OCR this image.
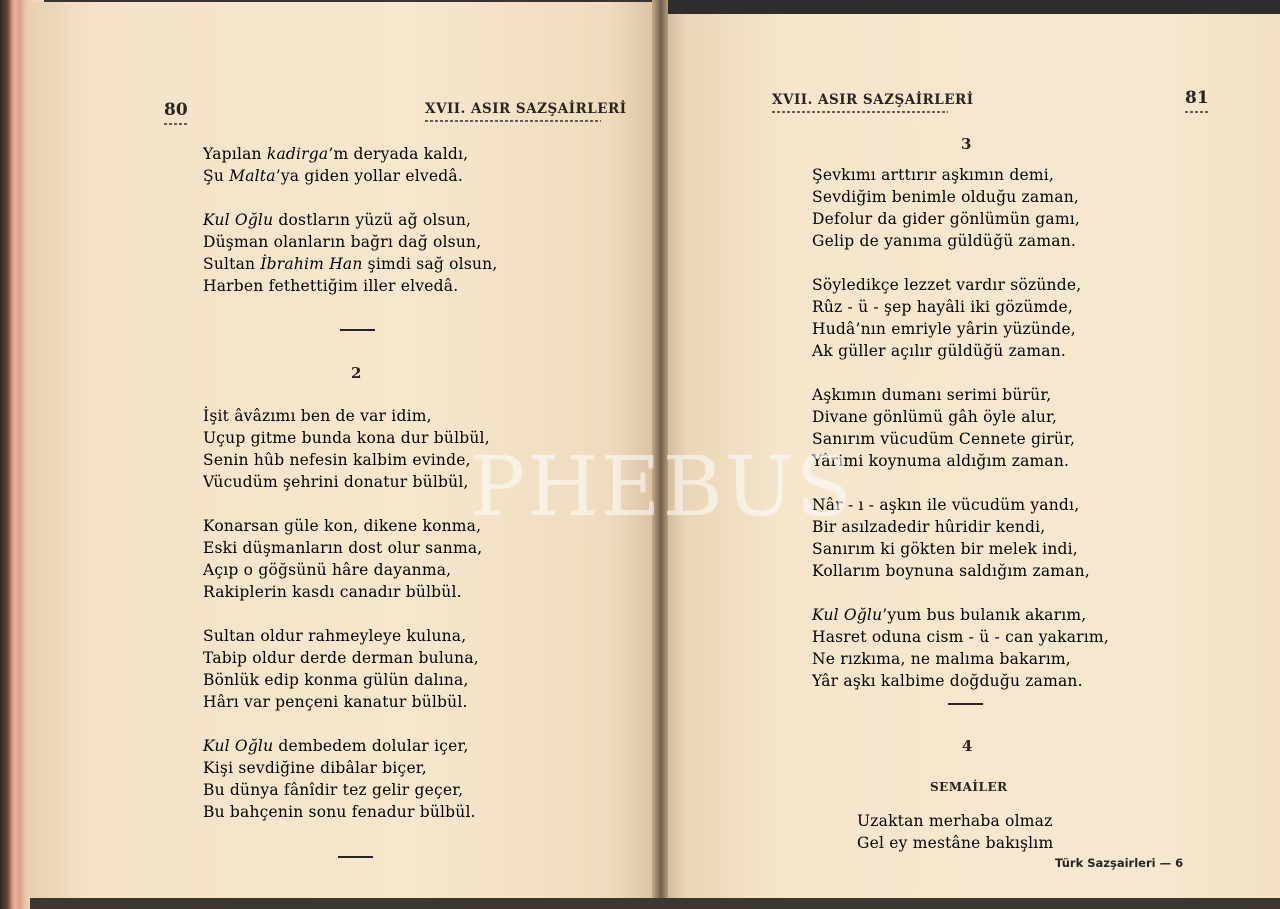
80	XVII. ASIR SAZŞAİRLERİ
Yapılan kadirga’m deryada kaldı,
Şu Malta’ya giden yollar elvedâ.
Kul Oğlu dostların yüzü ağ olsun,
Düşman olanların bağrı dağ olsun,
Sultan İbrahim Han şimdi sağ olsun,
Harben fethettiğim iller elvedâ.
2
İşit âvâzımı ben de var idim,
Uçup gitme bunda kona dur bülbül,
Senin hûb nefesin kalbim evinde,
Vücudüm şehrini donatur bülbül,
Konarsan güle kon, dikene konma,
Eski düşmanların dost olur sanma,
Açıp o göğsünü hâre dayanma,
Rakiplerin kasdı canadır bülbül.
Sultan oldur rahmeyleye kuluna,
Tabip oldur derde derman buluna,
Bönlük edip konma gülün dalına,
Hârı var pençeni kanatur bülbül.
Kul Oğlu dembedem dolular içer,
Kişi sevdiğine dibâlar biçer,
Bu dünya fânîdir tez gelir geçer,
Bu bahçenin sonu fenadur bülbül.
XVII. ASIR SAZŞAİRLERİ	81
3
Şevkımı arttırır aşkımın demi,
Sevdiğim benimle olduğu zaman,
Defolur da gider gönlümün gamı,
Gelip de yanıma güldüğü zaman.
Söyledikçe lezzet vardır sözünde,
Rûz - ü - şep hayâli iki gözümde,
Hudâ’nın emriyle yârin yüzünde,
Ak güller açılır güldüğü zaman.
Aşkımın dumanı serimi bürür,
Divane gönlümü gâh öyle alur,
Sanırım vücudüm Cennete girür,
Yârimi koynuma aldığım zaman.
Nâr - ı - aşkın ile vücudüm yandı,
Bir asılzadedir hûridir kendi,
Sanırım ki gökten bir melek indi,
Kollarım boynuna saldığım zaman,
Kul Oğlu’yum bus bulanık akarım,
Hasret oduna cism - ü - can yakarım,
Ne rızkıma, ne malıma bakarım,
Yâr aşkı kalbime doğduğu zaman.
4
SEMAİLER
Uzaktan merhaba olmaz
Gel ey mestâne bakışlım
Türk Sazşairleri — 6
PHEBUS
